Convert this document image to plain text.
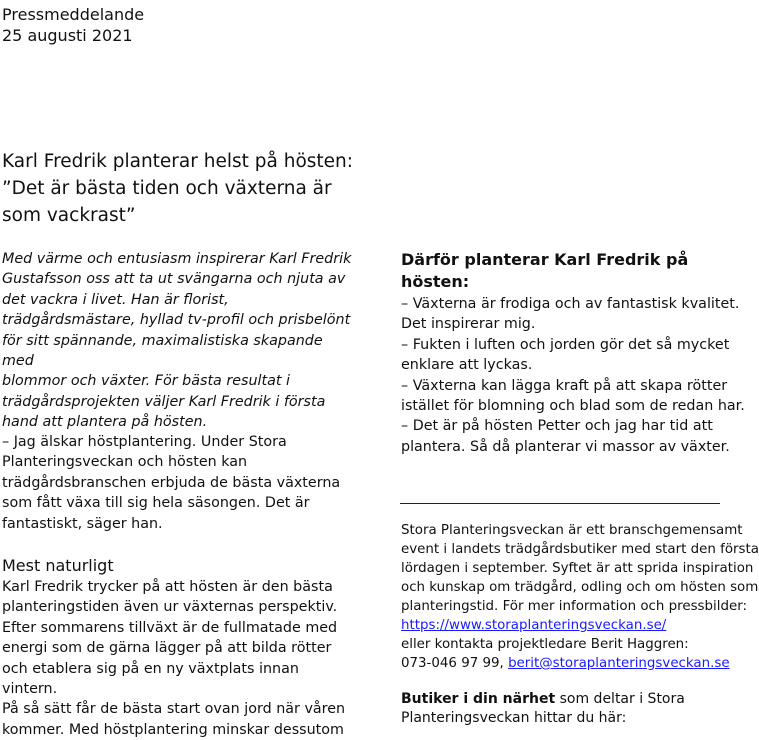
Pressmeddelande
25 augusti 2021
Karl Fredrik planterar helst på hösten:
”Det är bästa tiden och växterna är
som vackrast”
Med värme och entusiasm inspirerar Karl Fredrik
Gustafsson oss att ta ut svängarna och njuta av
det vackra i livet. Han är florist,
trädgårdsmästare, hyllad tv-profil och prisbelönt
för sitt spännande, maximalistiska skapande med
blommor och växter. För bästa resultat i
trädgårdsprojekten väljer Karl Fredrik i första
hand att plantera på hösten.
– Jag älskar höstplantering. Under Stora
Planteringsveckan och hösten kan
trädgårdsbranschen erbjuda de bästa växterna
som fått växa till sig hela säsongen. Det är
fantastiskt, säger han.
Mest naturligt
Karl Fredrik trycker på att hösten är den bästa
planteringstiden även ur växternas perspektiv.
Efter sommarens tillväxt är de fullmatade med
energi som de gärna lägger på att bilda rötter
och etablera sig på en ny växtplats innan vintern.
På så sätt får de bästa start ovan jord när våren
kommer. Med höstplantering minskar dessutom
Därför planterar Karl Fredrik på
hösten:
– Växterna är frodiga och av fantastisk kvalitet.
Det inspirerar mig.
– Fukten i luften och jorden gör det så mycket
enklare att lyckas.
– Växterna kan lägga kraft på att skapa rötter
istället för blomning och blad som de redan har.
– Det är på hösten Petter och jag har tid att
plantera. Så då planterar vi massor av växter.
Stora Planteringsveckan är ett branschgemensamt
event i landets trädgårdsbutiker med start den första
lördagen i september. Syftet är att sprida inspiration
och kunskap om trädgård, odling och om hösten som
planteringstid. För mer information och pressbilder:
https://www.storaplanteringsveckan.se/
eller kontakta projektledare Berit Haggren:
073-046 97 99, berit@storaplanteringsveckan.se
Butiker i din närhet som deltar i Stora
Planteringsveckan hittar du här:
